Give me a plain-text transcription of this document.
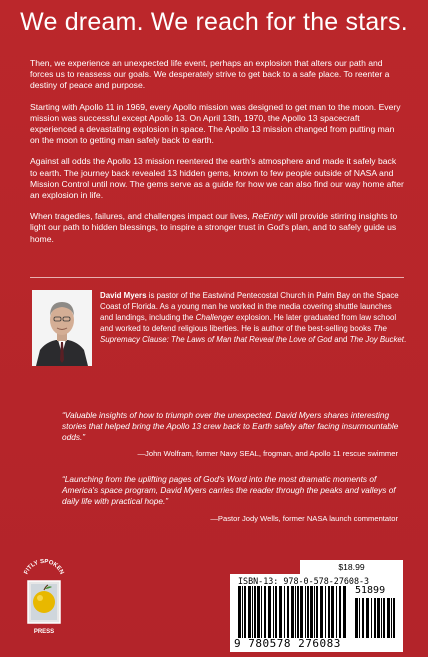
We dream. We reach for the stars.

Then, we experience an unexpected life event, perhaps an explosion that alters our path and forces us to reassess our goals. We desperately strive to get back to a safe place. To reenter a destiny of peace and purpose.

Starting with Apollo 11 in 1969, every Apollo mission was designed to get man to the moon. Every mission was successful except Apollo 13. On April 13th, 1970, the Apollo 13 spacecraft experienced a devastating explosion in space. The Apollo 13 mission changed from putting man on the moon to getting man safely back to earth.

Against all odds the Apollo 13 mission reentered the earth's atmosphere and made it safely back to earth. The journey back revealed 13 hidden gems, known to few people outside of NASA and Mission Control until now. The gems serve as a guide for how we can also find our way home after an explosion in life.

When tragedies, failures, and challenges impact our lives, ReEntry will provide stirring insights to light our path to hidden blessings, to inspire a stronger trust in God's plan, and to safely guide us home.

David Myers is pastor of the Eastwind Pentecostal Church in Palm Bay on the Space Coast of Florida. As a young man he worked in the media covering shuttle launches and landings, including the Challenger explosion. He later graduated from law school and worked to defend religious liberties. He is author of the best-selling books The Supremacy Clause: The Laws of Man that Reveal the Love of God and The Joy Bucket.
“Valuable insights of how to triumph over the unexpected. David Myers shares interesting stories that helped bring the Apollo 13 crew back to Earth safely after facing insurmountable odds.”
—John Wolfram, former Navy SEAL, frogman, and Apollo 11 rescue swimmer
“Launching from the uplifting pages of God's Word into the most dramatic moments of America's space program, David Myers carries the reader through the peaks and valleys of daily life with practical hope.”
—Pastor Jody Wells, former NASA launch commentator
FITLY SPOKEN
PRESS
$18.99
ISBN-13: 978-0-578-27608-3
51899
9 780578 276083
